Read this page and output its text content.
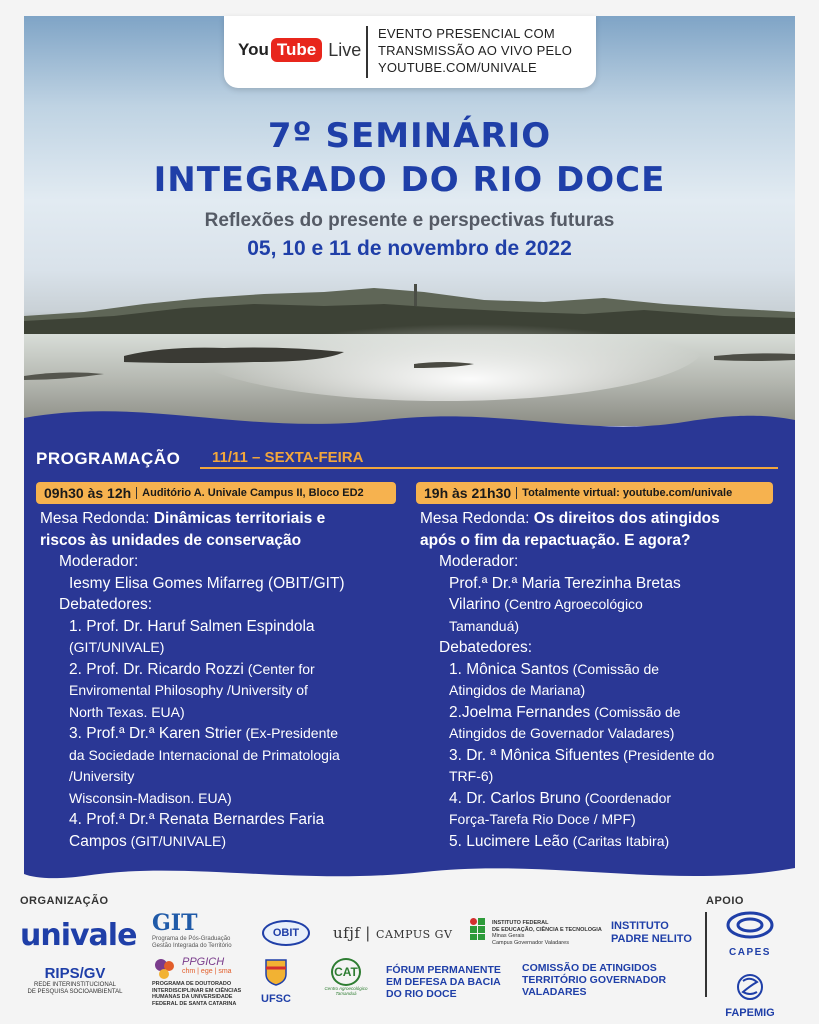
You Tube Live
EVENTO PRESENCIAL COM
TRANSMISSÃO AO VIVO PELO
YOUTUBE.COM/UNIVALE
7º SEMINÁRIO
INTEGRADO DO RIO DOCE
Reflexões do presente e perspectivas futuras
05, 10 e 11 de novembro de 2022
PROGRAMAÇÃO 11/11 – SEXTA-FEIRA
09h30 às 12h	Auditório A. Univale Campus II, Bloco ED2	19h às 21h30	Totalmente virtual: youtube.com/univale
Mesa Redonda: Dinâmicas territoriais e
riscos às unidades de conservação
Moderador:
Iesmy Elisa Gomes Mifarreg (OBIT/GIT)
Debatedores:
1. Prof. Dr. Haruf Salmen Espindola
(GIT/UNIVALE)
2. Prof. Dr. Ricardo Rozzi (Center for
Enviromental Philosophy /University of
North Texas. EUA)
3. Prof.ª Dr.ª Karen Strier (Ex-Presidente
da Sociedade Internacional de Primatologia
/University
Wisconsin-Madison. EUA)
4. Prof.ª Dr.ª Renata Bernardes Faria
Campos (GIT/UNIVALE)
Mesa Redonda: Os direitos dos atingidos
após o fim da repactuação. E agora?
Moderador:
Prof.ª Dr.ª Maria Terezinha Bretas
Vilarino (Centro Agroecológico
Tamanduá)
Debatedores:
1. Mônica Santos (Comissão de
Atingidos de Mariana)
2.Joelma Fernandes (Comissão de
Atingidos de Governador Valadares)
3. Dr. ª Mônica Sifuentes (Presidente do
TRF-6)
4. Dr. Carlos Bruno (Coordenador
Força-Tarefa Rio Doce / MPF)
5. Lucimere Leão (Caritas Itabira)
ORGANIZAÇÃO	APOIO
univale
RIPS/GV
REDE INTERINSTITUCIONAL
DE PESQUISA SOCIOAMBIENTAL
GIT
Programa de Pós-Graduação
Gestão Integrada do Território
PPGICH
chm | ege | sma
PROGRAMA DE DOUTORADO
INTERDISCIPLINAR EM CIÊNCIAS
HUMANAS DA UNIVERSIDADE
FEDERAL DE SANTA CATARINA
OBIT	ufjf | CAMPUS GV
INSTITUTO FEDERAL
DE EDUCAÇÃO, CIÊNCIA E TECNOLOGIA
Minas Gerais
Campus Governador Valadares
INSTITUTO
PADRE NELITO
CAPES
FAPEMIG
UFSC
CAT
Centro Agroecológico Tamanduá
FÓRUM PERMANENTE
EM DEFESA DA BACIA
DO RIO DOCE
COMISSÃO DE ATINGIDOS
TERRITÓRIO GOVERNADOR
VALADARES
